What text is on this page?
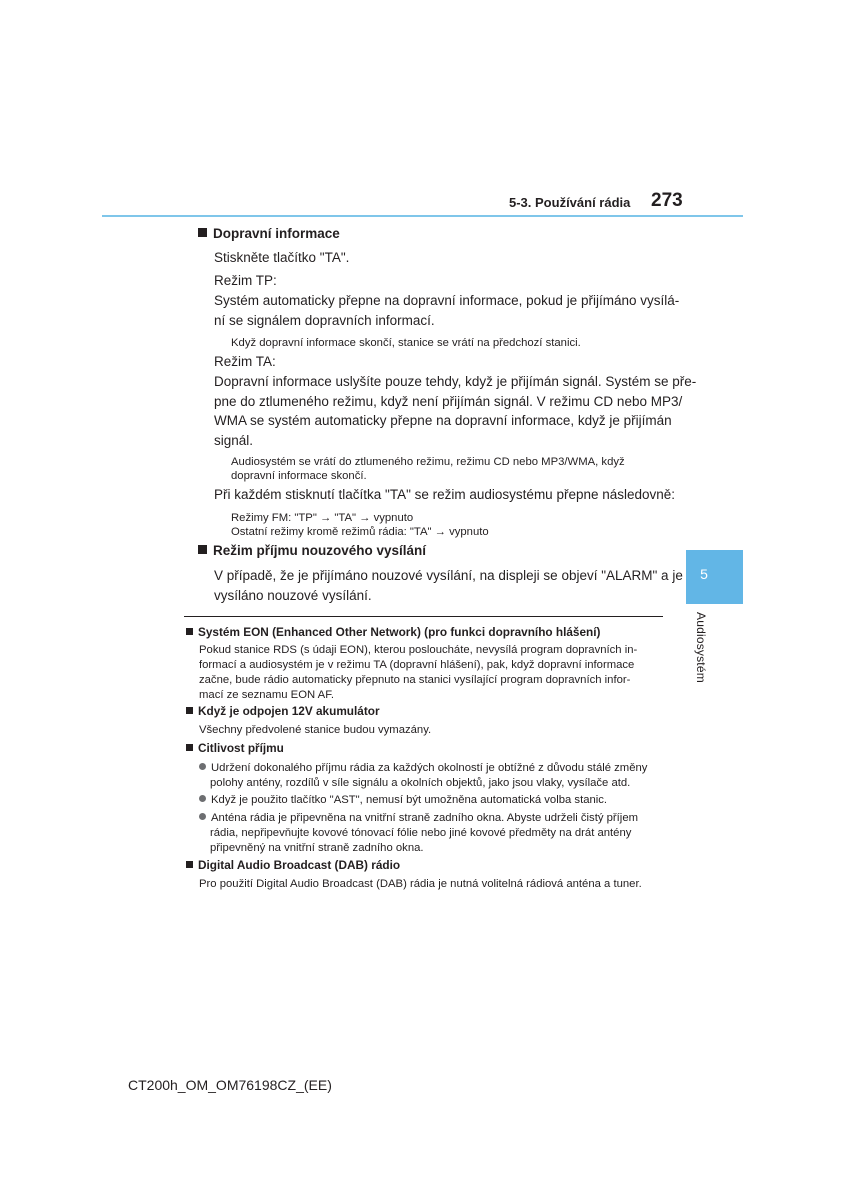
5-3. Používání rádia 273
5
Audiosystém
Dopravní informace
Stiskněte tlačítko "TA".
Režim TP:
Systém automaticky přepne na dopravní informace, pokud je přijímáno vysílá-
ní se signálem dopravních informací.
Když dopravní informace skončí, stanice se vrátí na předchozí stanici.
Režim TA:
Dopravní informace uslyšíte pouze tehdy, když je přijímán signál. Systém se pře-
pne do ztlumeného režimu, když není přijímán signál. V režimu CD nebo MP3/
WMA se systém automaticky přepne na dopravní informace, když je přijímán
signál.
Audiosystém se vrátí do ztlumeného režimu, režimu CD nebo MP3/WMA, když
dopravní informace skončí.
Při každém stisknutí tlačítka "TA" se režim audiosystému přepne následovně:
Režimy FM: "TP" → "TA" → vypnuto
Ostatní režimy kromě režimů rádia: "TA" → vypnuto
Režim příjmu nouzového vysílání
V případě, že je přijímáno nouzové vysílání, na displeji se objeví "ALARM" a je
vysíláno nouzové vysílání.
Systém EON (Enhanced Other Network) (pro funkci dopravního hlášení)
Pokud stanice RDS (s údaji EON), kterou posloucháte, nevysílá program dopravních in-
formací a audiosystém je v režimu TA (dopravní hlášení), pak, když dopravní informace
začne, bude rádio automaticky přepnuto na stanici vysílající program dopravních infor-
mací ze seznamu EON AF.
Když je odpojen 12V akumulátor
Všechny předvolené stanice budou vymazány.
Citlivost příjmu
Udržení dokonalého příjmu rádia za každých okolností je obtížné z důvodu stálé změny
polohy antény, rozdílů v síle signálu a okolních objektů, jako jsou vlaky, vysílače atd.
Když je použito tlačítko "AST", nemusí být umožněna automatická volba stanic.
Anténa rádia je připevněna na vnitřní straně zadního okna. Abyste udrželi čistý příjem
rádia, nepřipevňujte kovové tónovací fólie nebo jiné kovové předměty na drát antény
připevněný na vnitřní straně zadního okna.
Digital Audio Broadcast (DAB) rádio
Pro použití Digital Audio Broadcast (DAB) rádia je nutná volitelná rádiová anténa a tuner.
CT200h_OM_OM76198CZ_(EE)
